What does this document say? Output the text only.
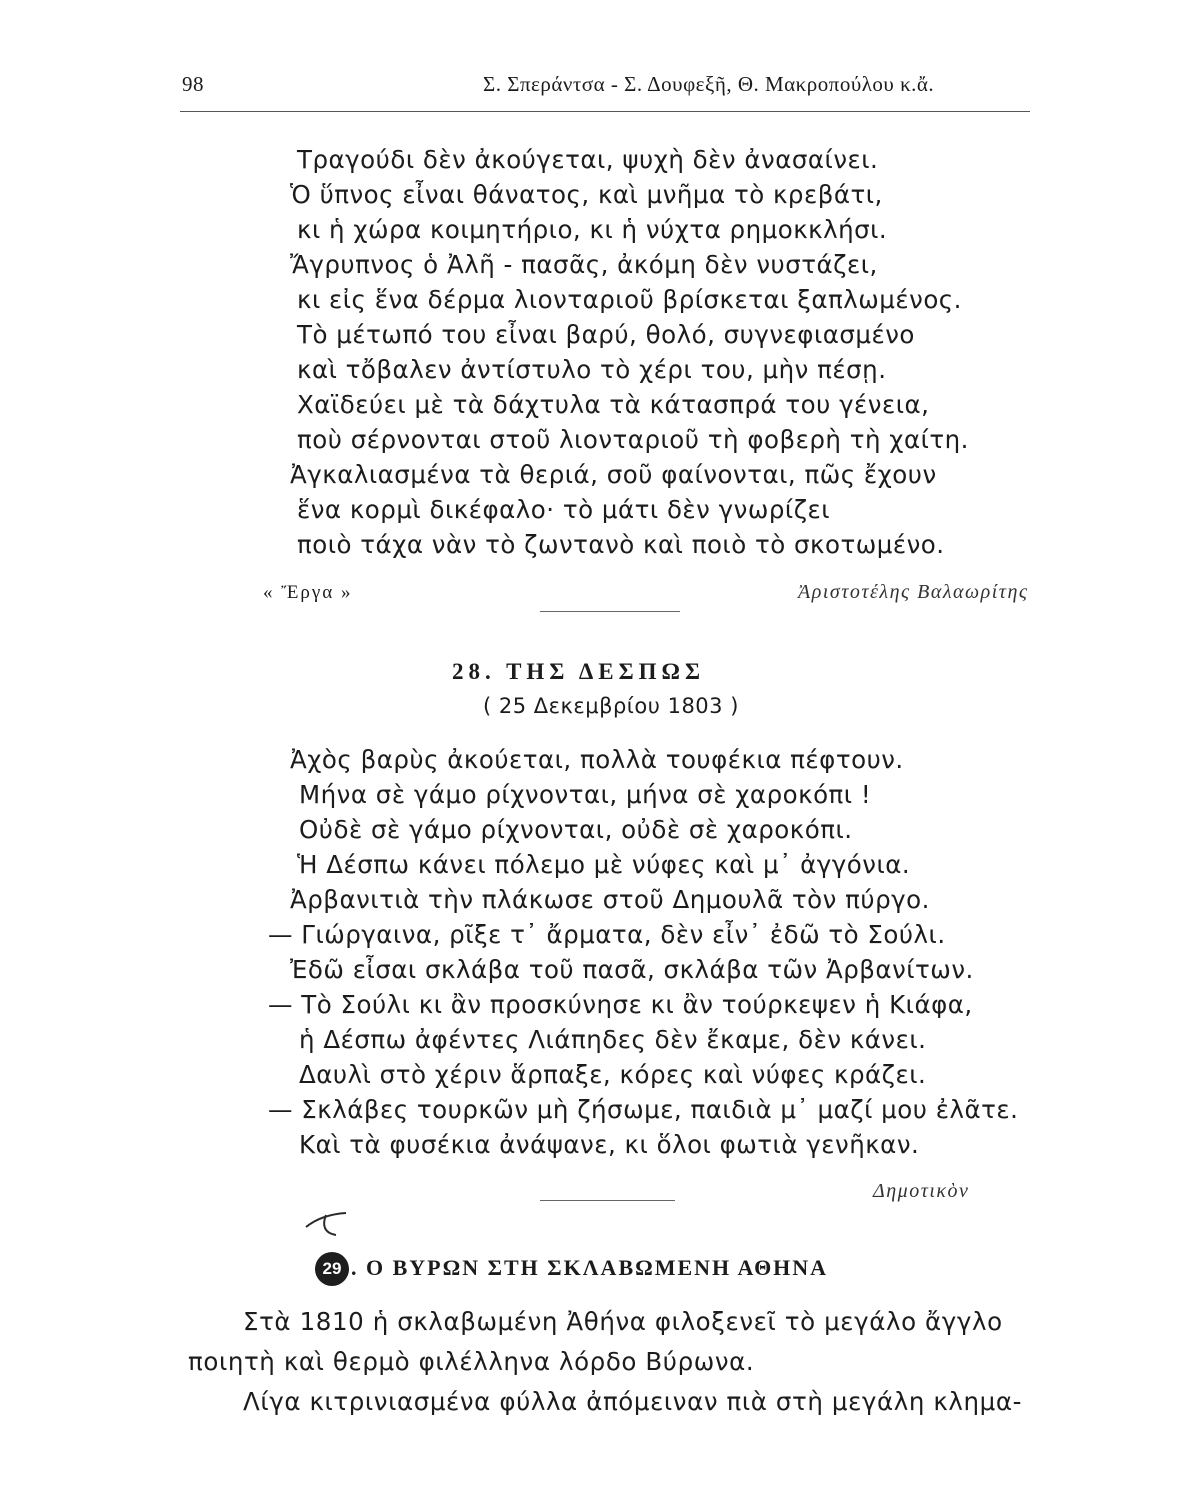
98	Σ. Σπεράντσα - Σ. Δουφεξῆ, Θ. Μακροπούλου κ.ἄ.
Τραγούδι δὲν ἀκούγεται, ψυχὴ δὲν ἀνασαίνει.
Ὁ ὕπνος εἶναι θάνατος, καὶ μνῆμα τὸ κρεβάτι,
κι ἡ χώρα κοιμητήριο, κι ἡ νύχτα ρημοκκλήσι.
Ἄγρυπνος ὁ Ἀλῆ - πασᾶς, ἀκόμη δὲν νυστάζει,
κι εἰς ἕνα δέρμα λιονταριοῦ βρίσκεται ξαπλωμένος.
Τὸ μέτωπό του εἶναι βαρύ, θολό, συγνεφιασμένο
καὶ τὄβαλεν ἀντίστυλο τὸ χέρι του, μὴν πέσῃ.
Χαϊδεύει μὲ τὰ δάχτυλα τὰ κάτασπρά του γένεια,
ποὺ σέρνονται στοῦ λιονταριοῦ τὴ φοβερὴ τὴ χαίτη.
Ἀγκαλιασμένα τὰ θεριά, σοῦ φαίνονται, πῶς ἔχουν
ἕνα κορμὶ δικέφαλο· τὸ μάτι δὲν γνωρίζει
ποιὸ τάχα νὰν τὸ ζωντανὸ καὶ ποιὸ τὸ σκοτωμένο.
« Ἔργα »	Ἀριστοτέλης Βαλαωρίτης
28. ΤΗΣ ΔΕΣΠΩΣ
( 25 Δεκεμβρίου 1803 )
Ἀχὸς βαρὺς ἀκούεται, πολλὰ τουφέκια πέφτουν.
Μήνα σὲ γάμο ρίχνονται, μήνα σὲ χαροκόπι !
Οὐδὲ σὲ γάμο ρίχνονται, οὐδὲ σὲ χαροκόπι.
Ἡ Δέσπω κάνει πόλεμο μὲ νύφες καὶ μ᾿ ἀγγόνια.
Ἀρβανιτιὰ τὴν πλάκωσε στοῦ Δημουλᾶ τὸν πύργο.
— Γιώργαινα, ρῖξε τ᾿ ἄρματα, δὲν εἶν᾿ ἐδῶ τὸ Σούλι.
Ἐδῶ εἶσαι σκλάβα τοῦ πασᾶ, σκλάβα τῶν Ἀρβανίτων.
— Τὸ Σούλι κι ἂν προσκύνησε κι ἂν τούρκεψεν ἡ Κιάφα,
ἡ Δέσπω ἀφέντες Λιάπηδες δὲν ἔκαμε, δὲν κάνει.
Δαυλὶ στὸ χέριν ἅρπαξε, κόρες καὶ νύφες κράζει.
— Σκλάβες τουρκῶν μὴ ζήσωμε, παιδιὰ μ᾿ μαζί μου ἐλᾶτε.
Καὶ τὰ φυσέκια ἀνάψανε, κι ὅλοι φωτιὰ γενῆκαν.
Δημοτικὸν
29 . Ο ΒΥΡΩΝ ΣΤΗ ΣΚΛΑΒΩΜΕΝΗ ΑΘΗΝΑ
Στὰ 1810 ἡ σκλαβωμένη Ἀθήνα φιλοξενεῖ τὸ μεγάλο ἄγγλο
ποιητὴ καὶ θερμὸ φιλέλληνα λόρδο Βύρωνα.
Λίγα κιτρινιασμένα φύλλα ἀπόμειναν πιὰ στὴ μεγάλη κλημα-
